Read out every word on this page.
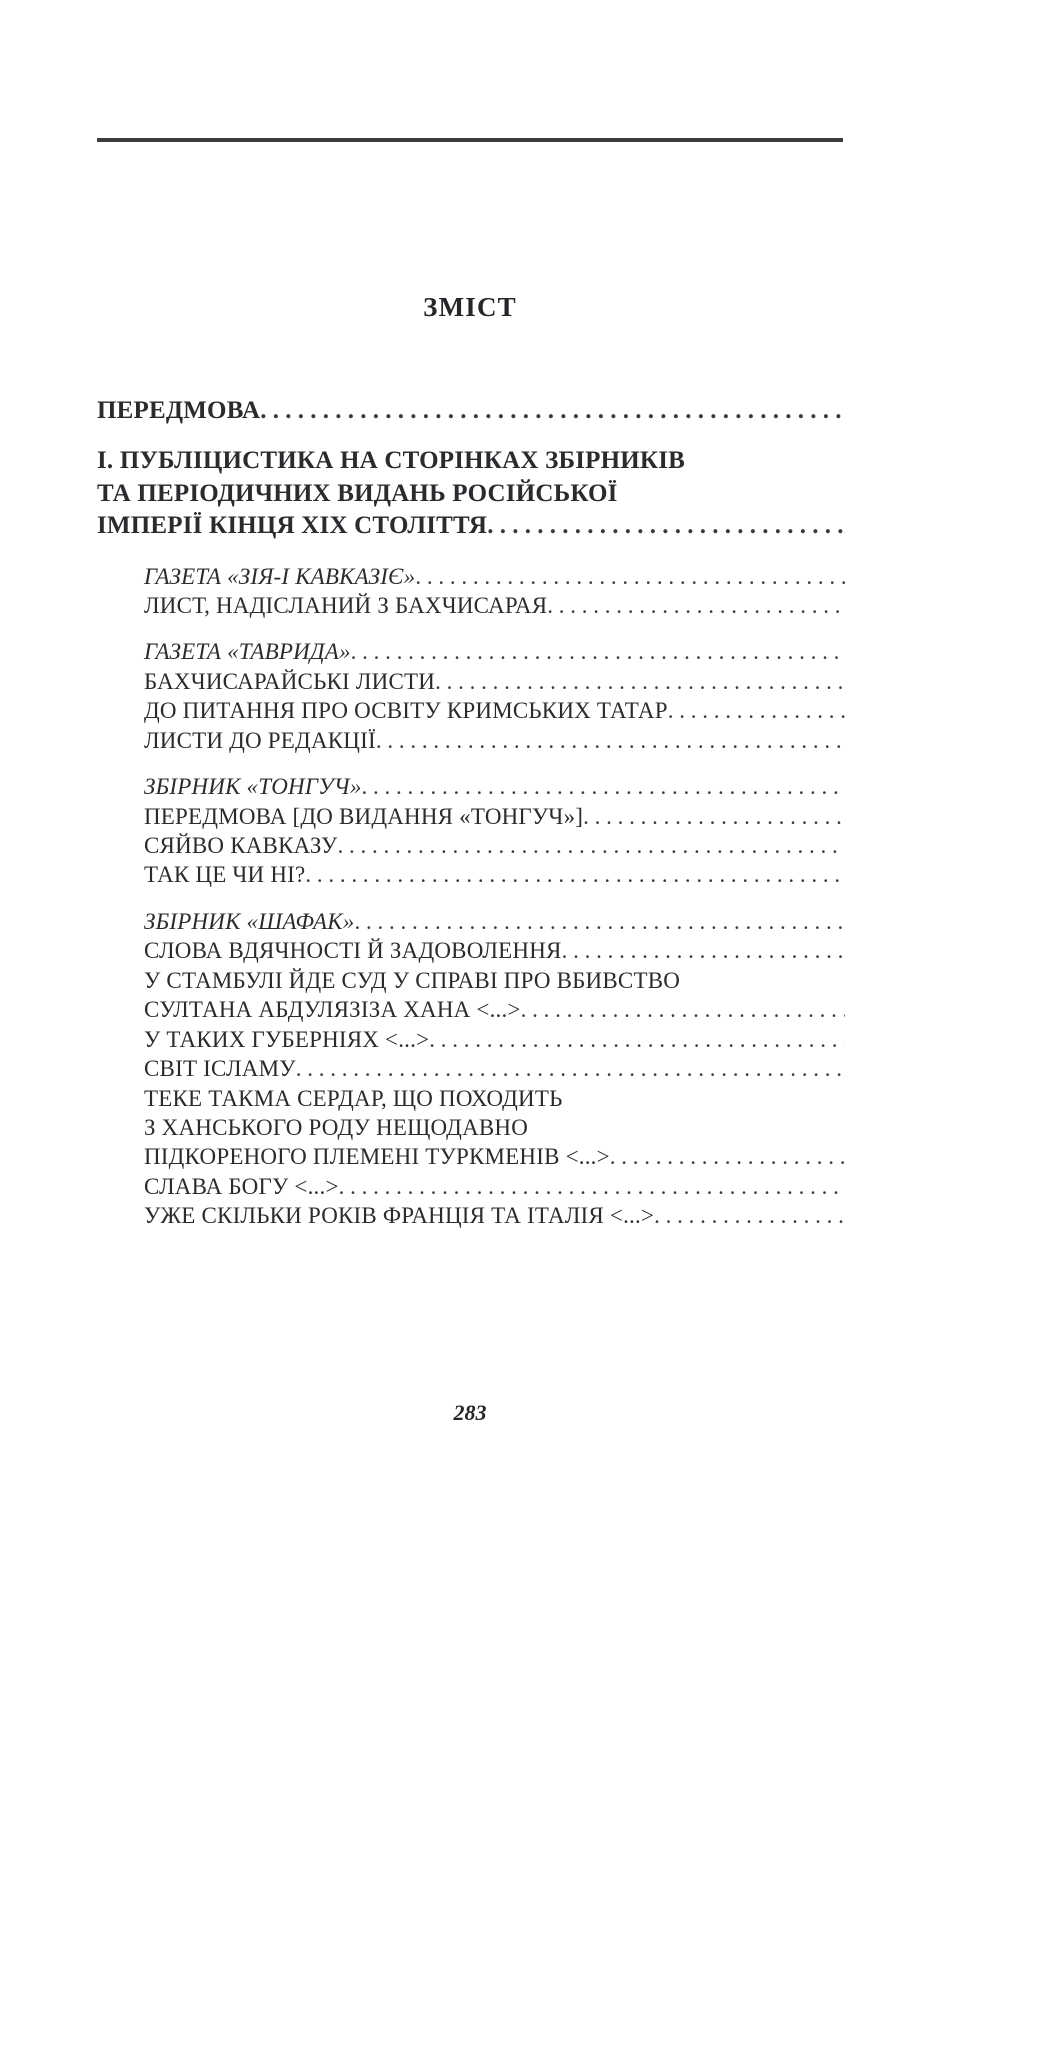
ЗМІСТ
ПЕРЕДМОВА
. . .
І. ПУБЛІЦИСТИКА НА СТОРІНКАХ ЗБІРНИКІВ
ТА ПЕРІОДИЧНИХ ВИДАНЬ РОСІЙСЬКОЇ
ІМПЕРІЇ КІНЦЯ XIX СТОЛІТТЯ
. . .
ГАЗЕТА «ЗІЯ-І КАВКАЗІЄ»
. . .
ЛИСТ, НАДІСЛАНИЙ З БАХЧИСАРАЯ
. . .
ГАЗЕТА «ТАВРИДА»
. . .
БАХЧИСАРАЙСЬКІ ЛИСТИ
. . .
ДО ПИТАННЯ ПРО ОСВІТУ КРИМСЬКИХ ТАТАР
. . .
ЛИСТИ ДО РЕДАКЦІЇ
. . .
ЗБІРНИК «ТОНГУЧ»
. . .
ПЕРЕДМОВА [ДО ВИДАННЯ «ТОНГУЧ»]
. . .
СЯЙВО КАВКАЗУ
. . .
ТАК ЦЕ ЧИ НІ?
. . .
ЗБІРНИК «ШАФАК»
. . .
СЛОВА ВДЯЧНОСТІ Й ЗАДОВОЛЕННЯ
. . .
У СТАМБУЛІ ЙДЕ СУД У СПРАВІ ПРО ВБИВСТВО
СУЛТАНА АБДУЛЯЗІЗА ХАНА <...>
. . .
У ТАКИХ ГУБЕРНІЯХ <...>
. . .
СВІТ ІСЛАМУ
. . .
ТЕКЕ ТАКМА СЕРДАР, ЩО ПОХОДИТЬ
З ХАНСЬКОГО РОДУ НЕЩОДАВНО
ПІДКОРЕНОГО ПЛЕМЕНІ ТУРКМЕНІВ <...>
. . .
СЛАВА БОГУ <...>
. . .
УЖЕ СКІЛЬКИ РОКІВ ФРАНЦІЯ ТА ІТАЛІЯ <...>
. . .
283
